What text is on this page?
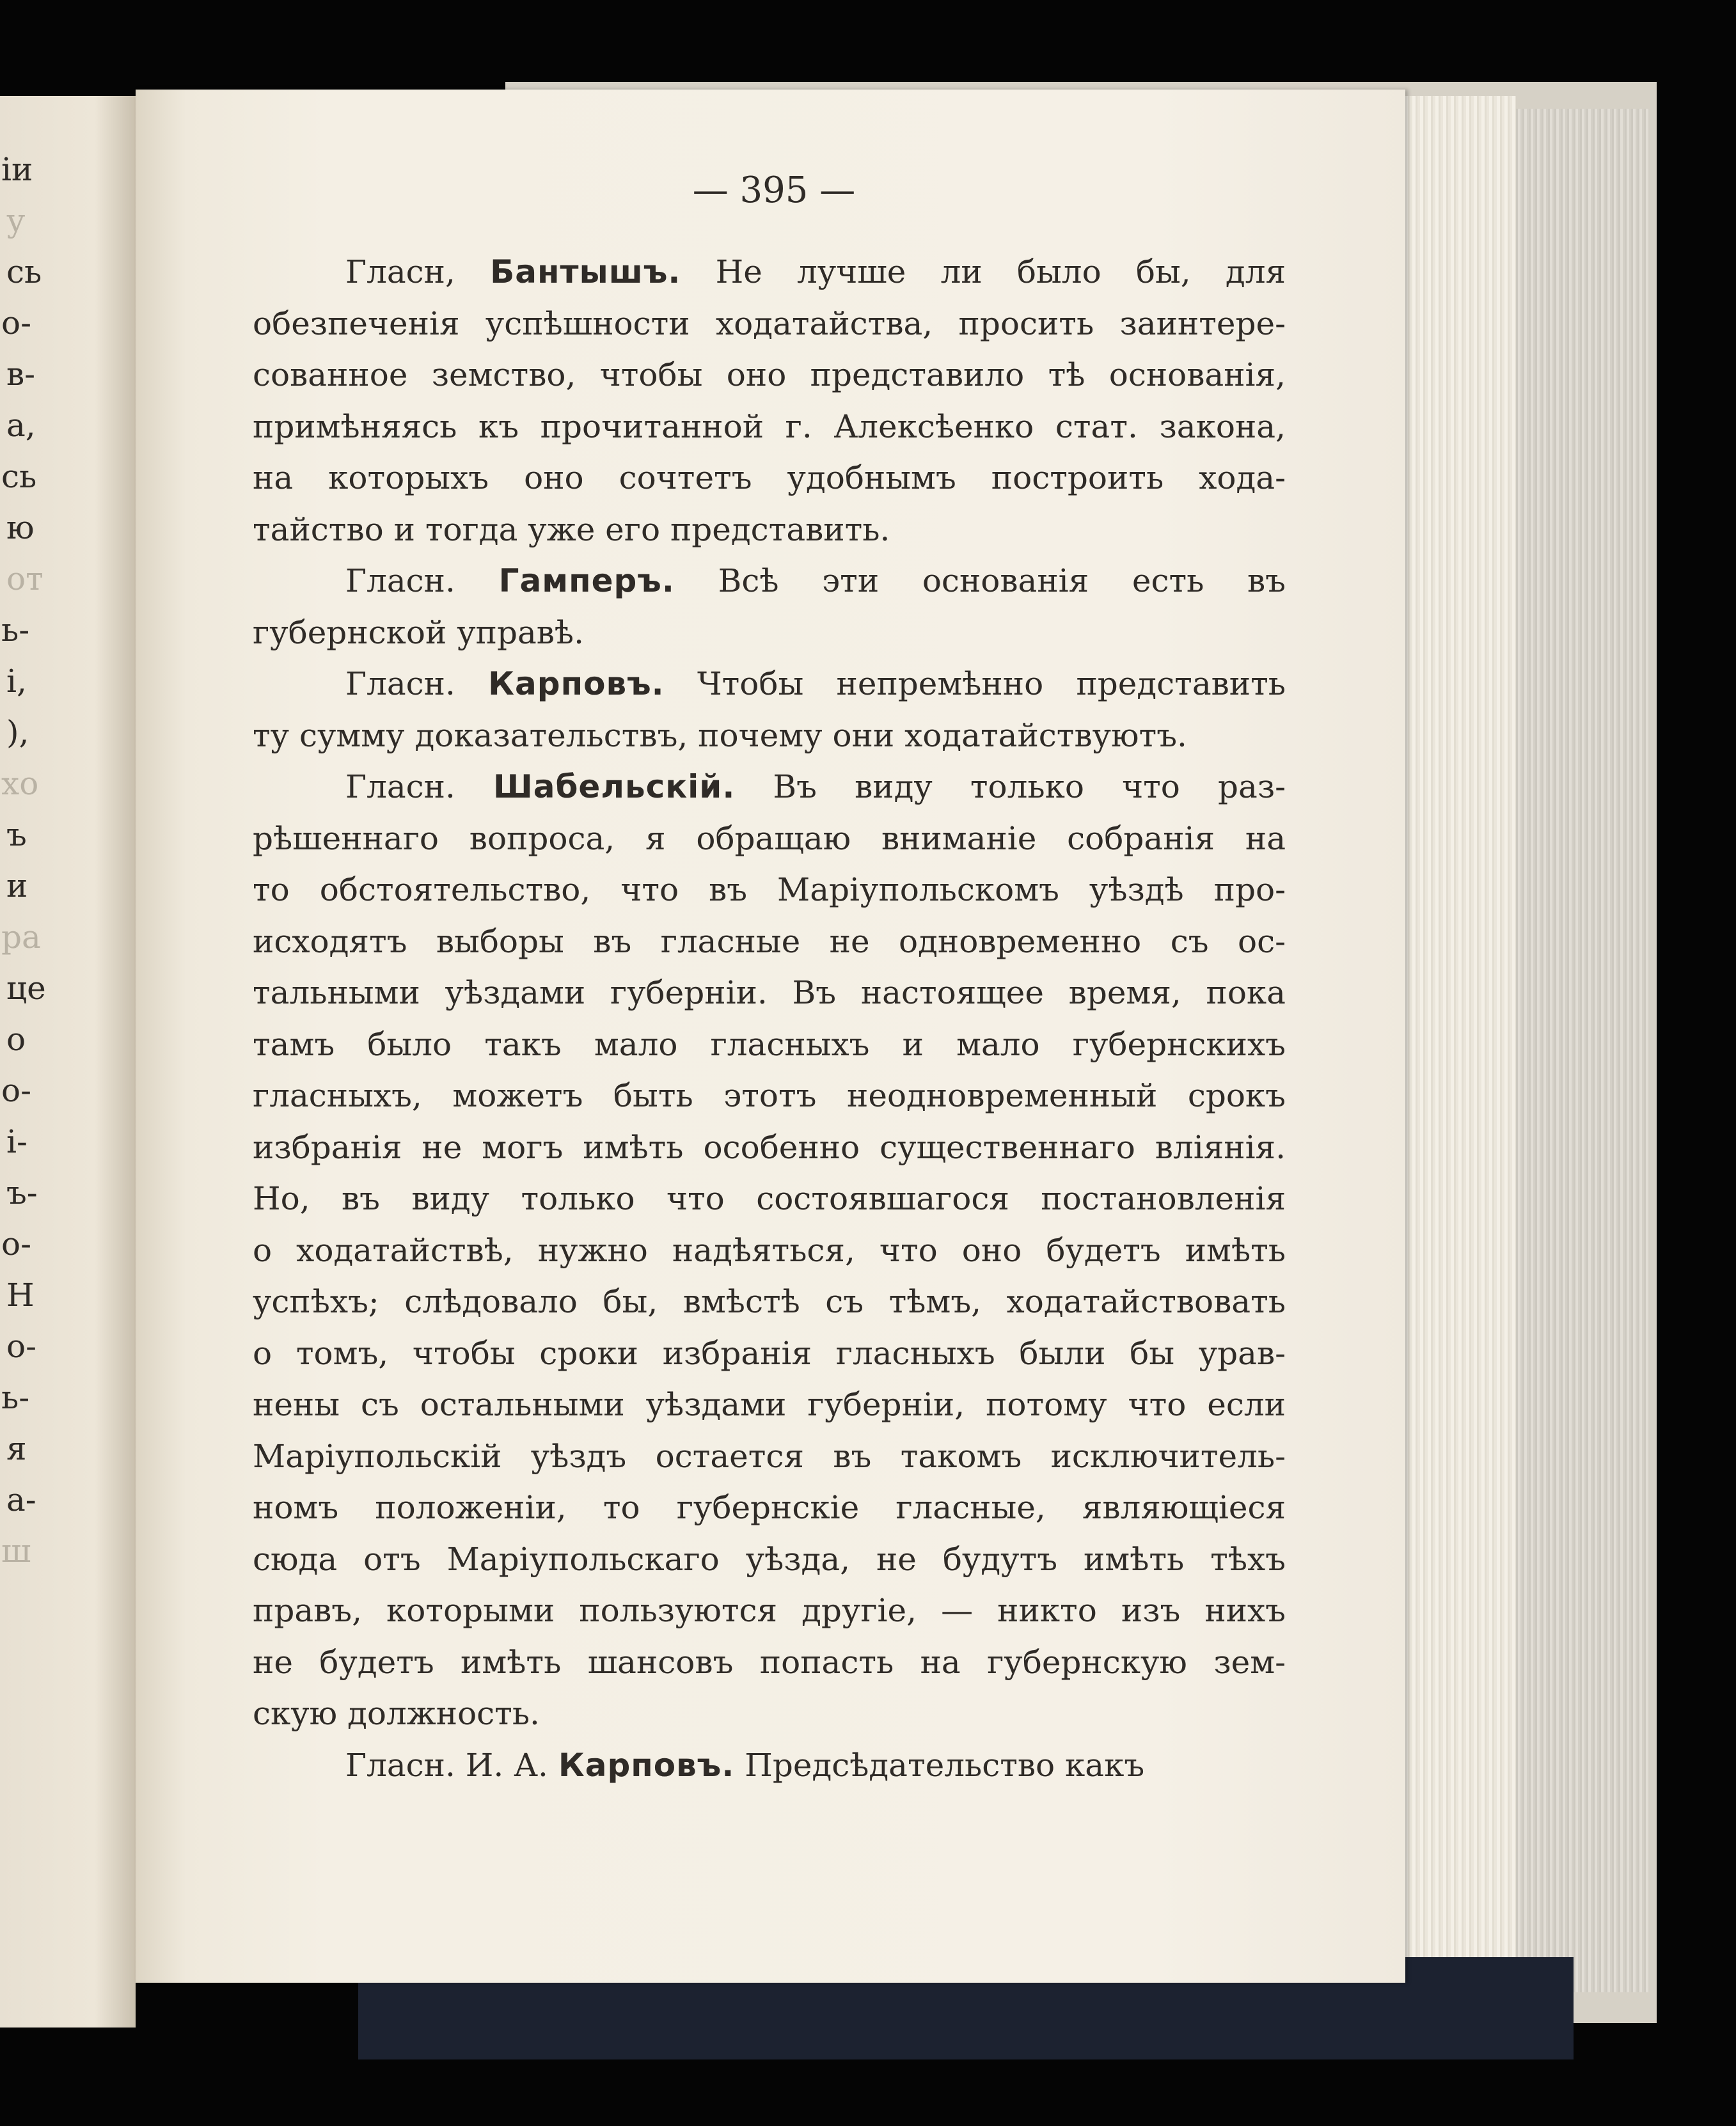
іи
у
сь
о-
в-
а,
сь
ю
от
ь-
і,
),
хо
ъ
и
ра
це
о
о-
і-
ъ-
о-
Н
о-
ь-
я
а-
ш
— 395 —
Гласн, Бантышъ. Не лучше ли было бы, для
обезпеченія успѣшности ходатайства, просить заинтере-
сованное земство, чтобы оно представило тѣ основанія,
примѣняясь къ прочитанной г. Алексѣенко стат. закона,
на которыхъ оно сочтетъ удобнымъ построить хода-
тайство и тогда уже его представить.
Гласн. Гамперъ. Всѣ эти основанія есть въ
губернской управѣ.
Гласн. Карповъ. Чтобы непремѣнно представить
ту сумму доказательствъ, почему они ходатайствуютъ.
Гласн. Шабельскій. Въ виду только что раз-
рѣшеннаго вопроса, я обращаю вниманіе собранія на
то обстоятельство, что въ Маріупольскомъ уѣздѣ про-
исходятъ выборы въ гласные не одновременно съ ос-
тальными уѣздами губерніи. Въ настоящее время, пока
тамъ было такъ мало гласныхъ и мало губернскихъ
гласныхъ, можетъ быть этотъ неодновременный срокъ
избранія не могъ имѣть особенно существеннаго вліянія.
Но, въ виду только что состоявшагося постановленія
о ходатайствѣ, нужно надѣяться, что оно будетъ имѣть
успѣхъ; слѣдовало бы, вмѣстѣ съ тѣмъ, ходатайствовать
о томъ, чтобы сроки избранія гласныхъ были бы урав-
нены съ остальными уѣздами губерніи, потому что если
Маріупольскій уѣздъ остается въ такомъ исключитель-
номъ положеніи, то губернскіе гласные, являющіеся
сюда отъ Маріупольскаго уѣзда, не будутъ имѣть тѣхъ
правъ, которыми пользуются другіе, — никто изъ нихъ
не будетъ имѣть шансовъ попасть на губернскую зем-
скую должность.
Гласн. И. А. Карповъ. Предсѣдательство какъ
